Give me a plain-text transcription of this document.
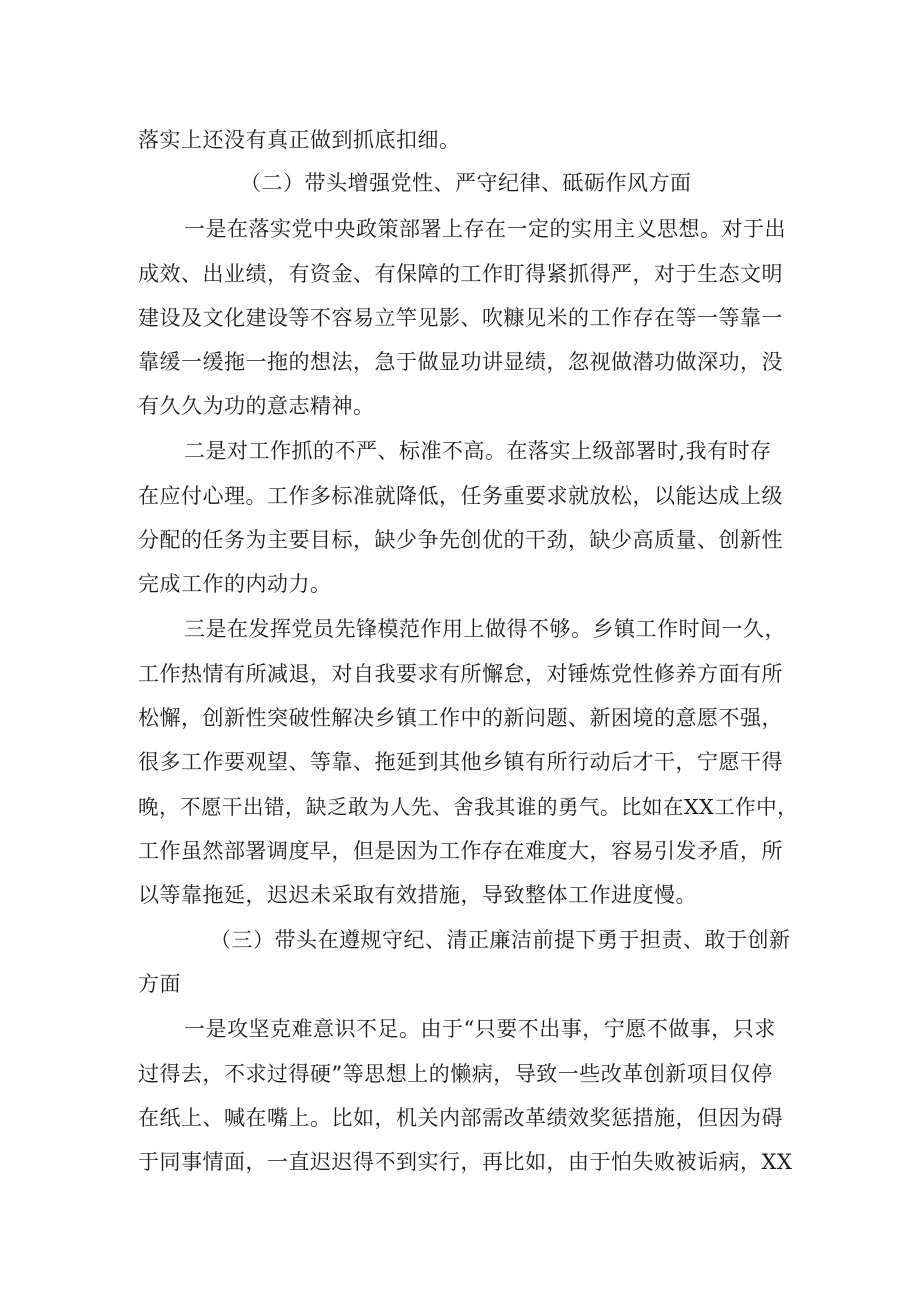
落实上还没有真正做到抓底扣细。
（二）带头增强党性、严守纪律、砥砺作风方面
一是在落实党中央政策部署上存在一定的实用主义思想。对于出
成效、出业绩，有资金、有保障的工作盯得紧抓得严，对于生态文明
建设及文化建设等不容易立竿见影、吹糠见米的工作存在等一等靠一
靠缓一缓拖一拖的想法，急于做显功讲显绩，忽视做潜功做深功，没
有久久为功的意志精神。
二是对工作抓的不严、标准不高。在落实上级部署时,我有时存
在应付心理。工作多标准就降低，任务重要求就放松，以能达成上级
分配的任务为主要目标，缺少争先创优的干劲，缺少高质量、创新性
完成工作的内动力。
三是在发挥党员先锋模范作用上做得不够。乡镇工作时间一久，
工作热情有所减退，对自我要求有所懈怠，对锤炼党性修养方面有所
松懈，创新性突破性解决乡镇工作中的新问题、新困境的意愿不强，
很多工作要观望、等靠、拖延到其他乡镇有所行动后才干，宁愿干得
晚，不愿干出错，缺乏敢为人先、舍我其谁的勇气。比如在XX工作中，
工作虽然部署调度早，但是因为工作存在难度大，容易引发矛盾，所
以等靠拖延，迟迟未采取有效措施，导致整体工作进度慢。
（三）带头在遵规守纪、清正廉洁前提下勇于担责、敢于创新
方面
一是攻坚克难意识不足。由于“只要不出事，宁愿不做事，只求
过得去，不求过得硬”等思想上的懒病，导致一些改革创新项目仅停
在纸上、喊在嘴上。比如，机关内部需改革绩效奖惩措施，但因为碍
于同事情面，一直迟迟得不到实行，再比如，由于怕失败被诟病，XX
